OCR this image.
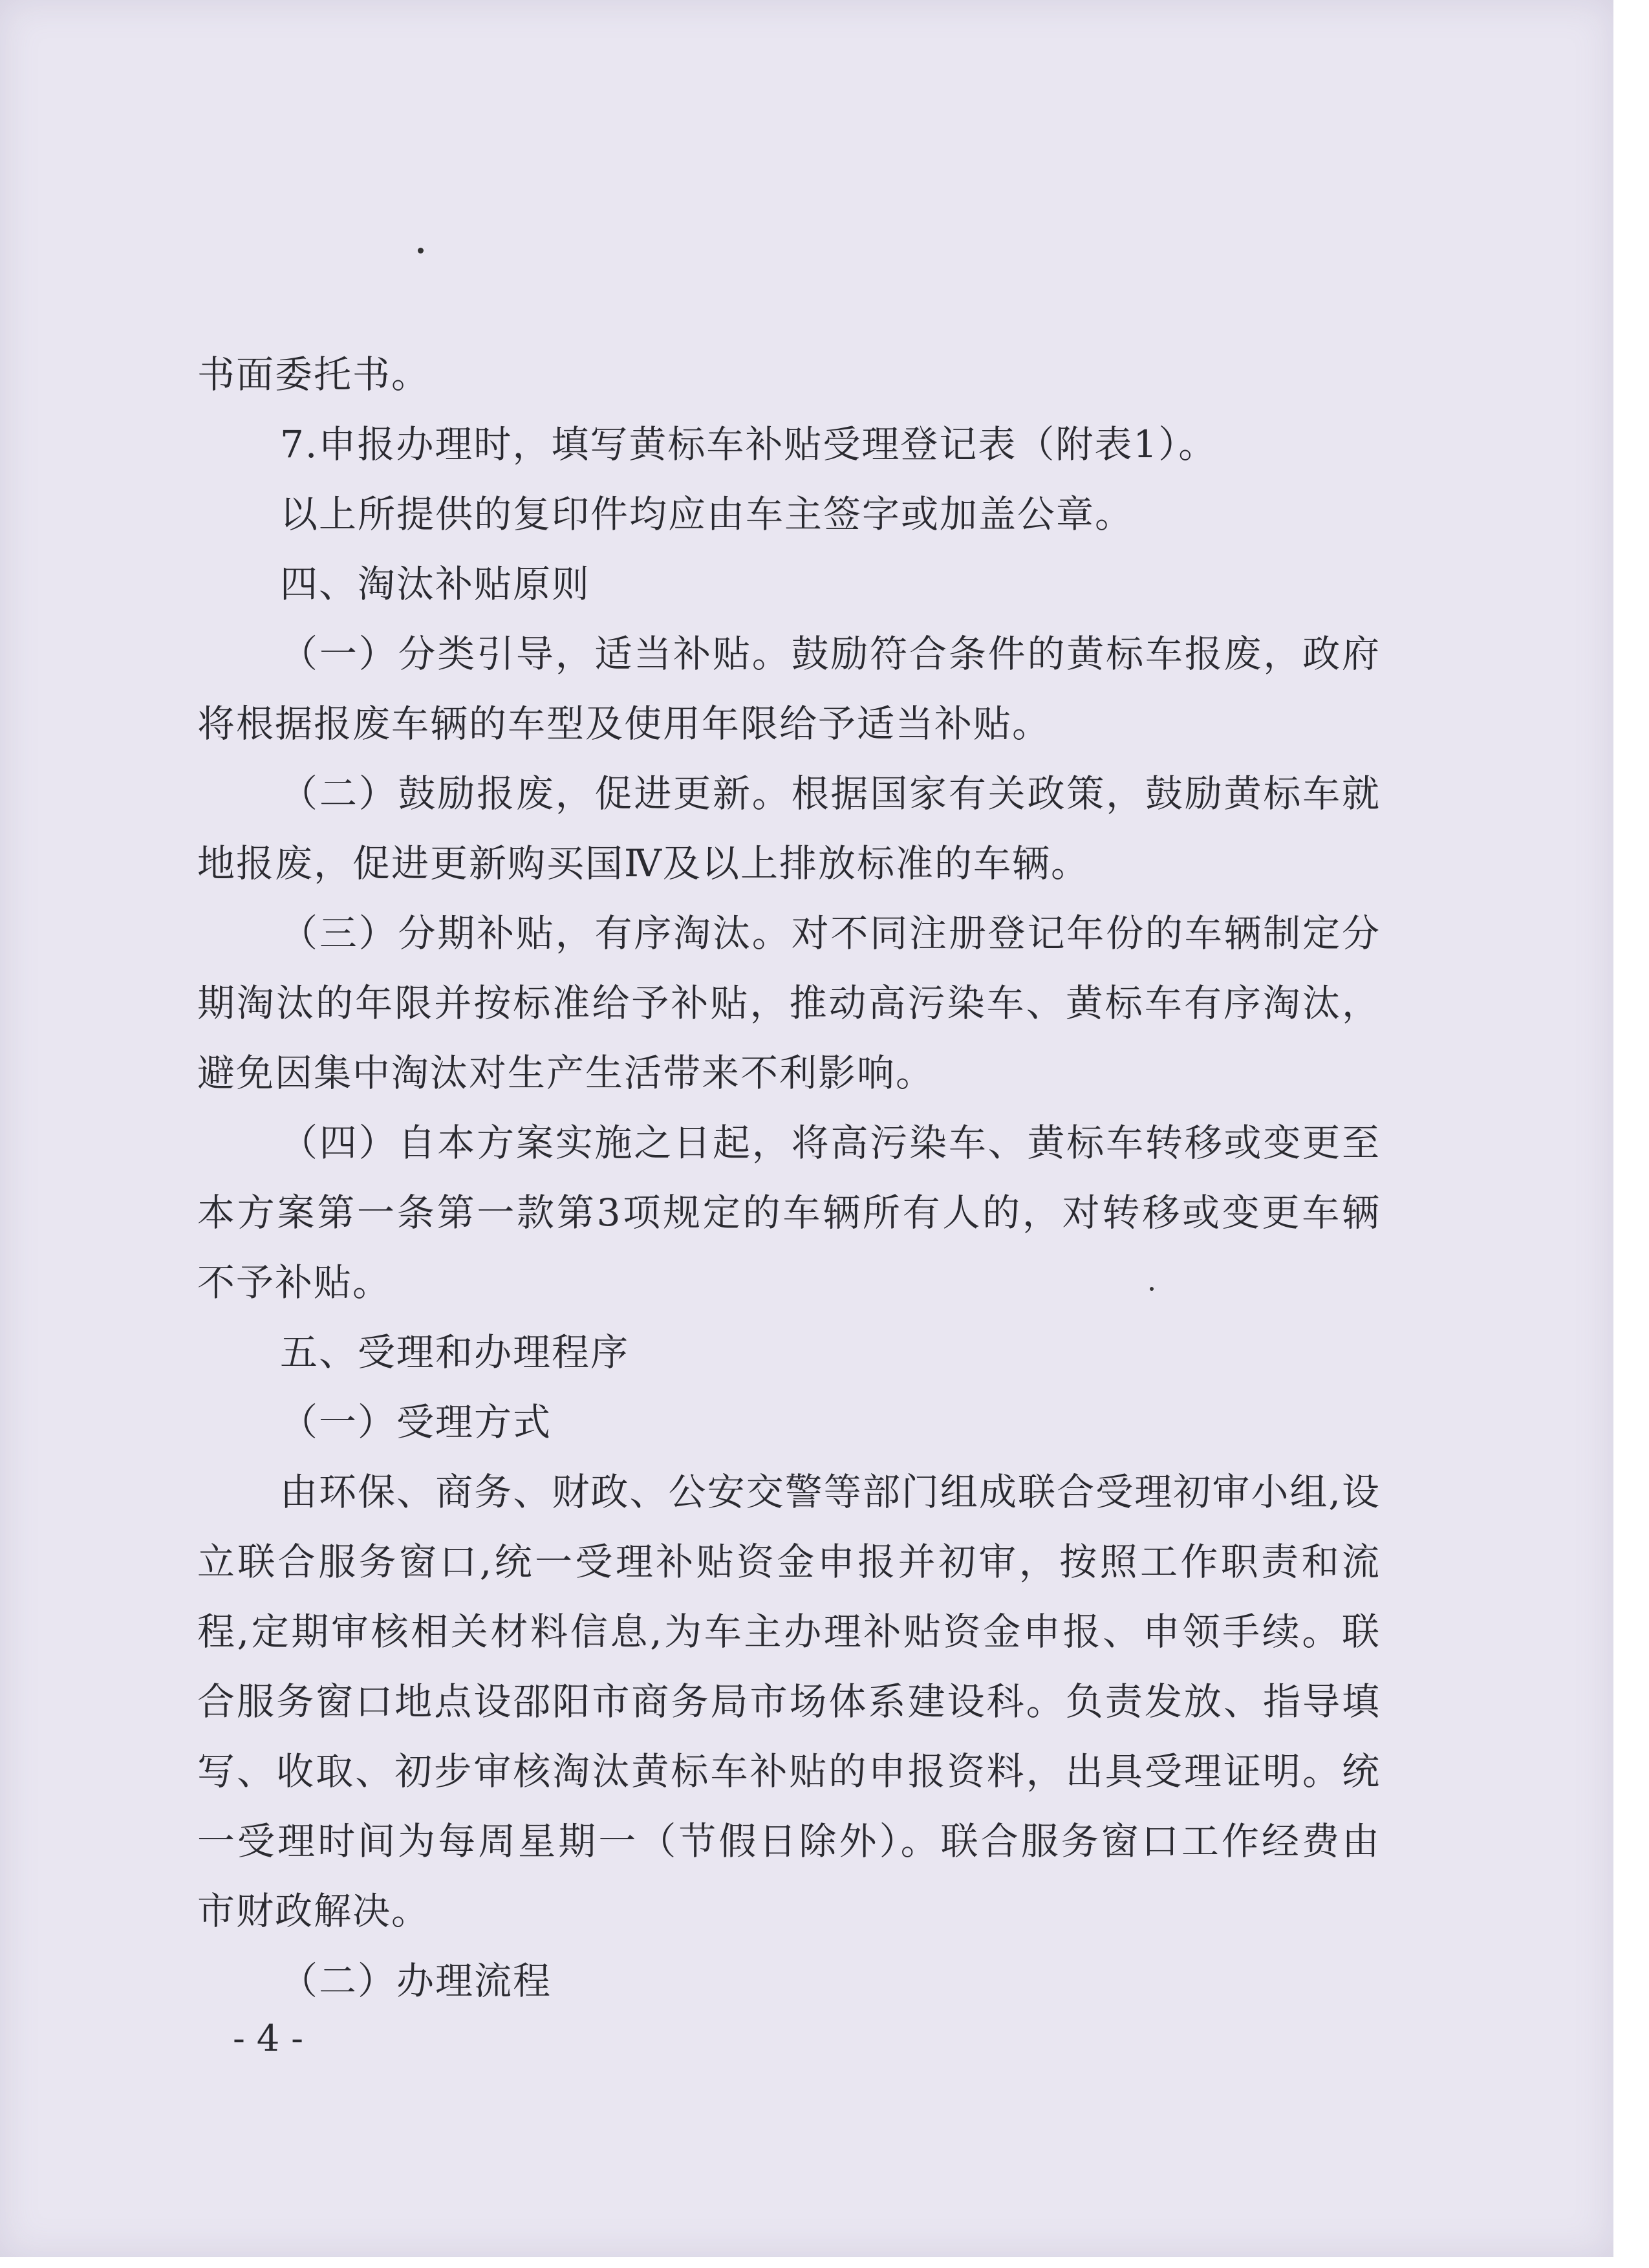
书面委托书。

7.申报办理时，填写黄标车补贴受理登记表（附表1）。

以上所提供的复印件均应由车主签字或加盖公章。

四、淘汰补贴原则

（一）分类引导，适当补贴。鼓励符合条件的黄标车报废，政府将根据报废车辆的车型及使用年限给予适当补贴。

（二）鼓励报废，促进更新。根据国家有关政策，鼓励黄标车就地报废，促进更新购买国Ⅳ及以上排放标准的车辆。

（三）分期补贴，有序淘汰。对不同注册登记年份的车辆制定分期淘汰的年限并按标准给予补贴，推动高污染车、黄标车有序淘汰，避免因集中淘汰对生产生活带来不利影响。

（四）自本方案实施之日起，将高污染车、黄标车转移或变更至本方案第一条第一款第3项规定的车辆所有人的，对转移或变更车辆不予补贴。

五、受理和办理程序

（一）受理方式

由环保、商务、财政、公安交警等部门组成联合受理初审小组,设立联合服务窗口,统一受理补贴资金申报并初审，按照工作职责和流程,定期审核相关材料信息,为车主办理补贴资金申报、申领手续。联合服务窗口地点设邵阳市商务局市场体系建设科。负责发放、指导填写、收取、初步审核淘汰黄标车补贴的申报资料，出具受理证明。统一受理时间为每周星期一（节假日除外）。联合服务窗口工作经费由市财政解决。

（二）办理流程

- 4 -
